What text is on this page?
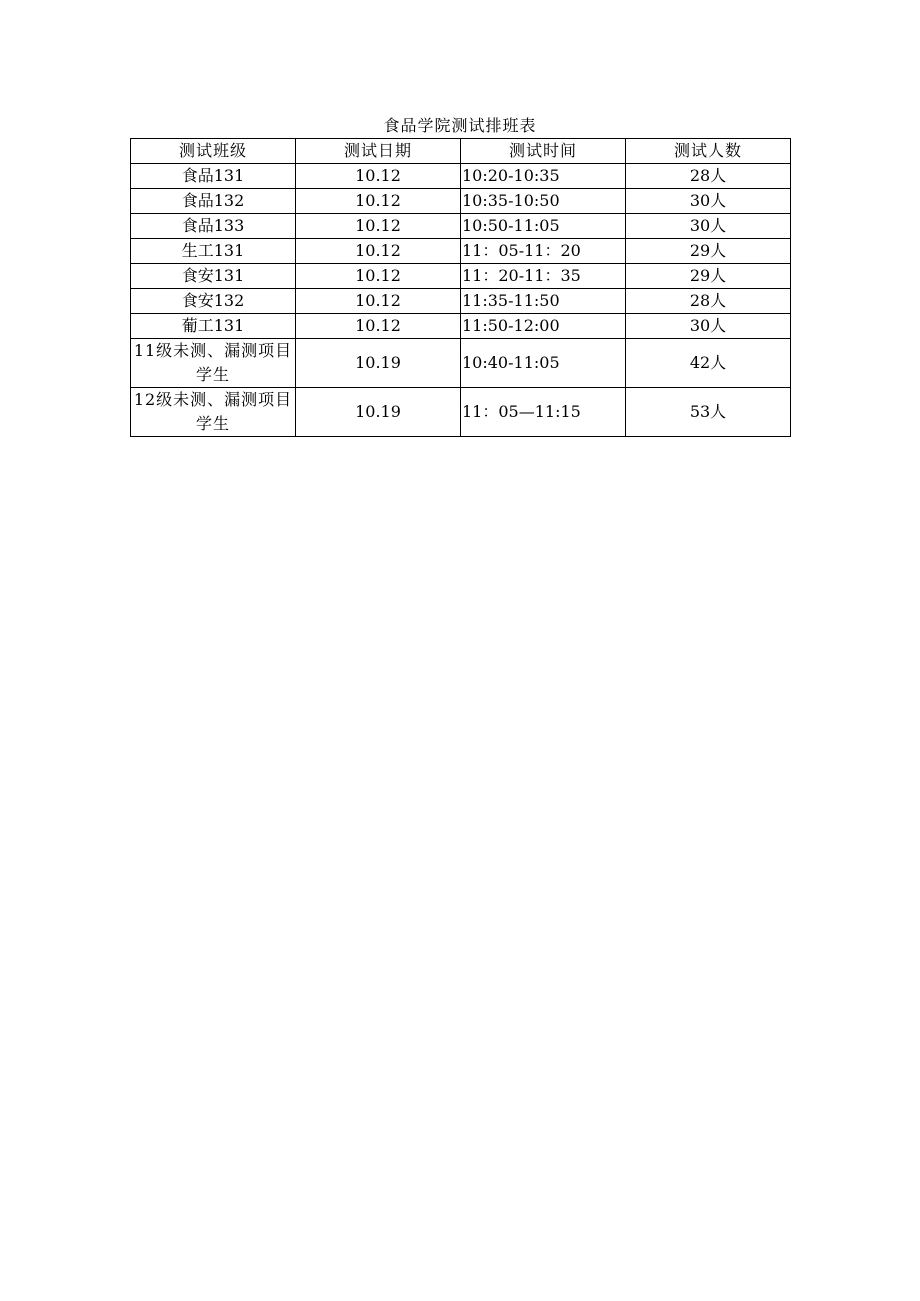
食品学院测试排班表
测试班级	测试日期	测试时间	测试人数
食品131	10.12	10:20-10:35	28人
食品132	10.12	10:35-10:50	30人
食品133	10.12	10:50-11:05	30人
生工131	10.12	11：05-11：20	29人
食安131	10.12	11：20-11：35	29人
食安132	10.12	11:35-11:50	28人
葡工131	10.12	11:50-12:00	30人
11级未测、漏测项目学生	10.19	10:40-11:05	42人
12级未测、漏测项目学生	10.19	11：05—11:15	53人
